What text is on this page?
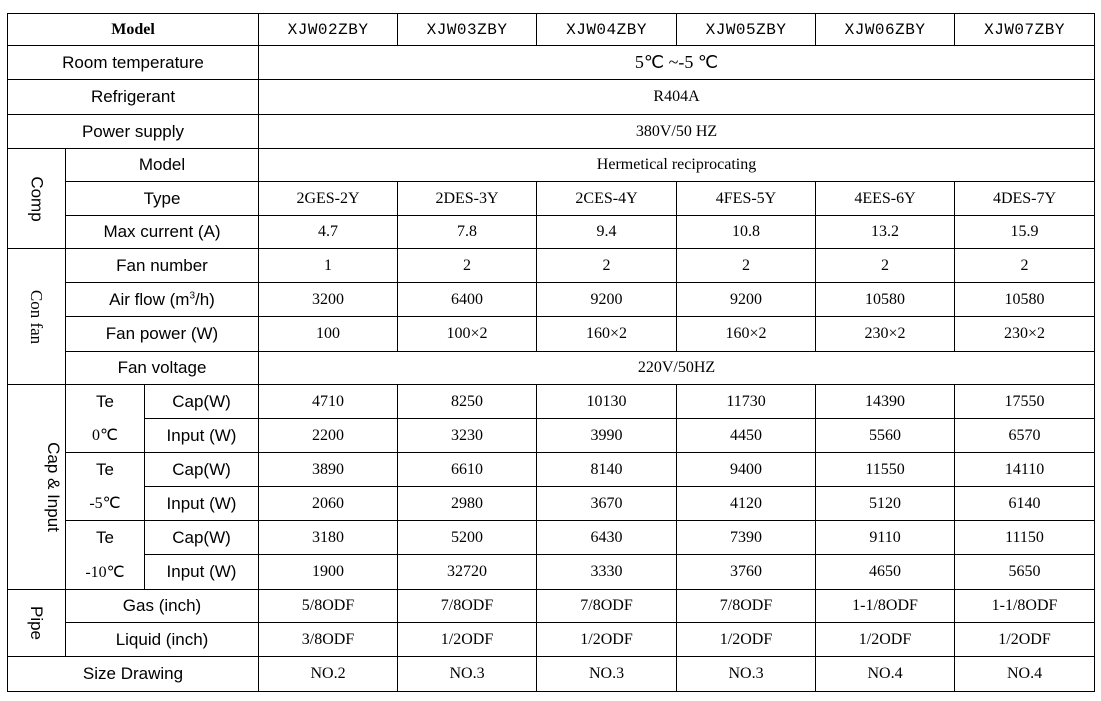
Model			XJW02ZBY	XJW03ZBY	XJW04ZBY	XJW05ZBY	XJW06ZBY	XJW07ZBY
Room temperature			5℃ ~-5 ℃					
Refrigerant			R404A					
Power supply			380V/50 HZ					
Comp	Model		Hermetical reciprocating					
	Type		2GES-2Y	2DES-3Y	2CES-4Y	4FES-5Y	4EES-6Y	4DES-7Y
	Max current (A)		4.7	7.8	9.4	10.8	13.2	15.9
Con fan	Fan number		1	2	2	2	2	2
	Air flow $(m^3/h)$		3200	6400	9200	9200	10580	10580
	Fan power (W)		100	100×2	160×2	160×2	230×2	230×2
	Fan voltage		220V/50HZ					
Cap & Input	Te	Cap(W)	4710	8250	10130	11730	14390	17550
	0℃	Input (W)	2200	3230	3990	4450	5560	6570
	Te	Cap(W)	3890	6610	8140	9400	11550	14110
	-5℃	Input (W)	2060	2980	3670	4120	5120	6140
	Te	Cap(W)	3180	5200	6430	7390	9110	11150
	-10℃	Input (W)	1900	32720	3330	3760	4650	5650
Pipe	Gas (inch)		5/8ODF	7/8ODF	7/8ODF	7/8ODF	1-1/8ODF	1-1/8ODF
	Liquid (inch)		3/8ODF	1/2ODF	1/2ODF	1/2ODF	1/2ODF	1/2ODF
Size Drawing			NO.2	NO.3	NO.3	NO.3	NO.4	NO.4
